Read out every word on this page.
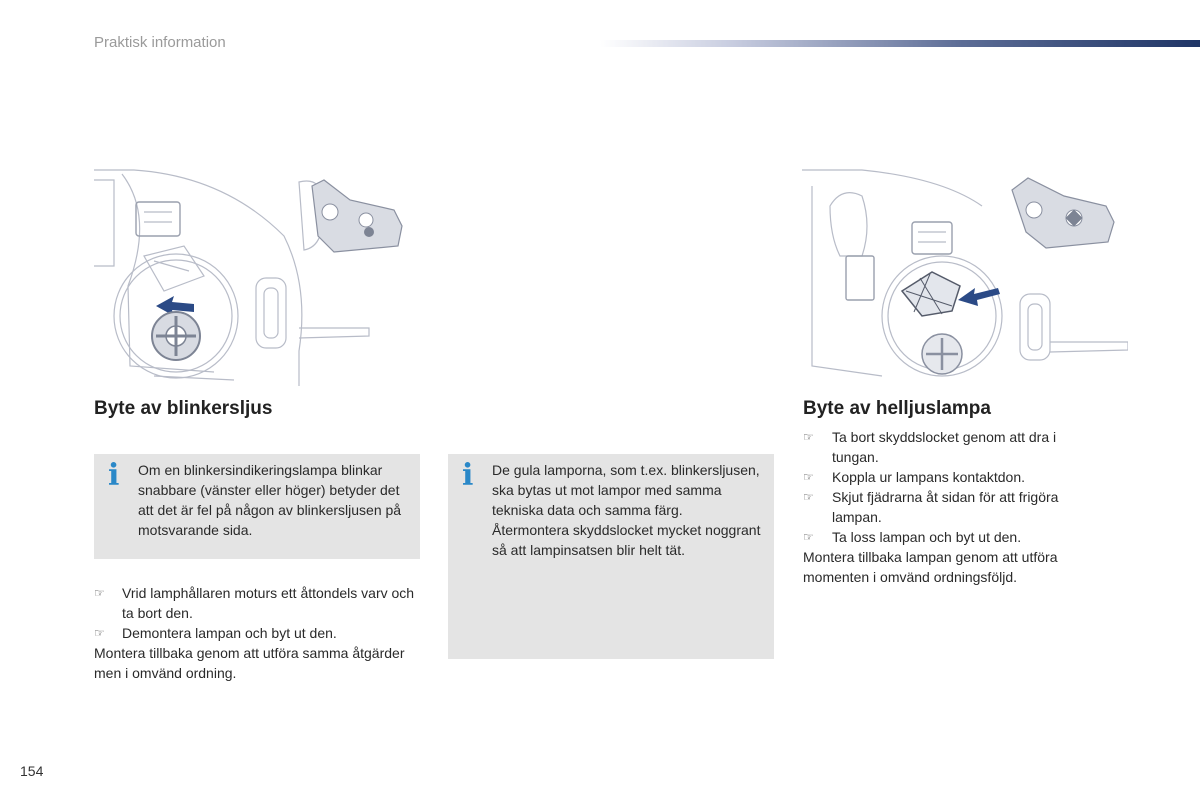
Praktisk information
Byte av blinkersljus	Byte av helljuslampa
i Om en blinkersindikeringslampa blinkar snabbare (vänster eller höger) betyder det att det är fel på någon av blinkersljusen på motsvarande sida.
i De gula lamporna, som t.ex. blinkersljusen, ska bytas ut mot lampor med samma tekniska data och samma färg.
Återmontera skyddslocket mycket noggrant så att lampinsatsen blir helt tät.
☞ Vrid lamphållaren moturs ett åttondels varv och ta bort den.
☞ Demontera lampan och byt ut den.
Montera tillbaka genom att utföra samma åtgärder men i omvänd ordning.
☞ Ta bort skyddslocket genom att dra i tungan.
☞ Koppla ur lampans kontaktdon.
☞ Skjut fjädrarna åt sidan för att frigöra lampan.
☞ Ta loss lampan och byt ut den.
Montera tillbaka lampan genom att utföra momenten i omvänd ordningsföljd.
154
